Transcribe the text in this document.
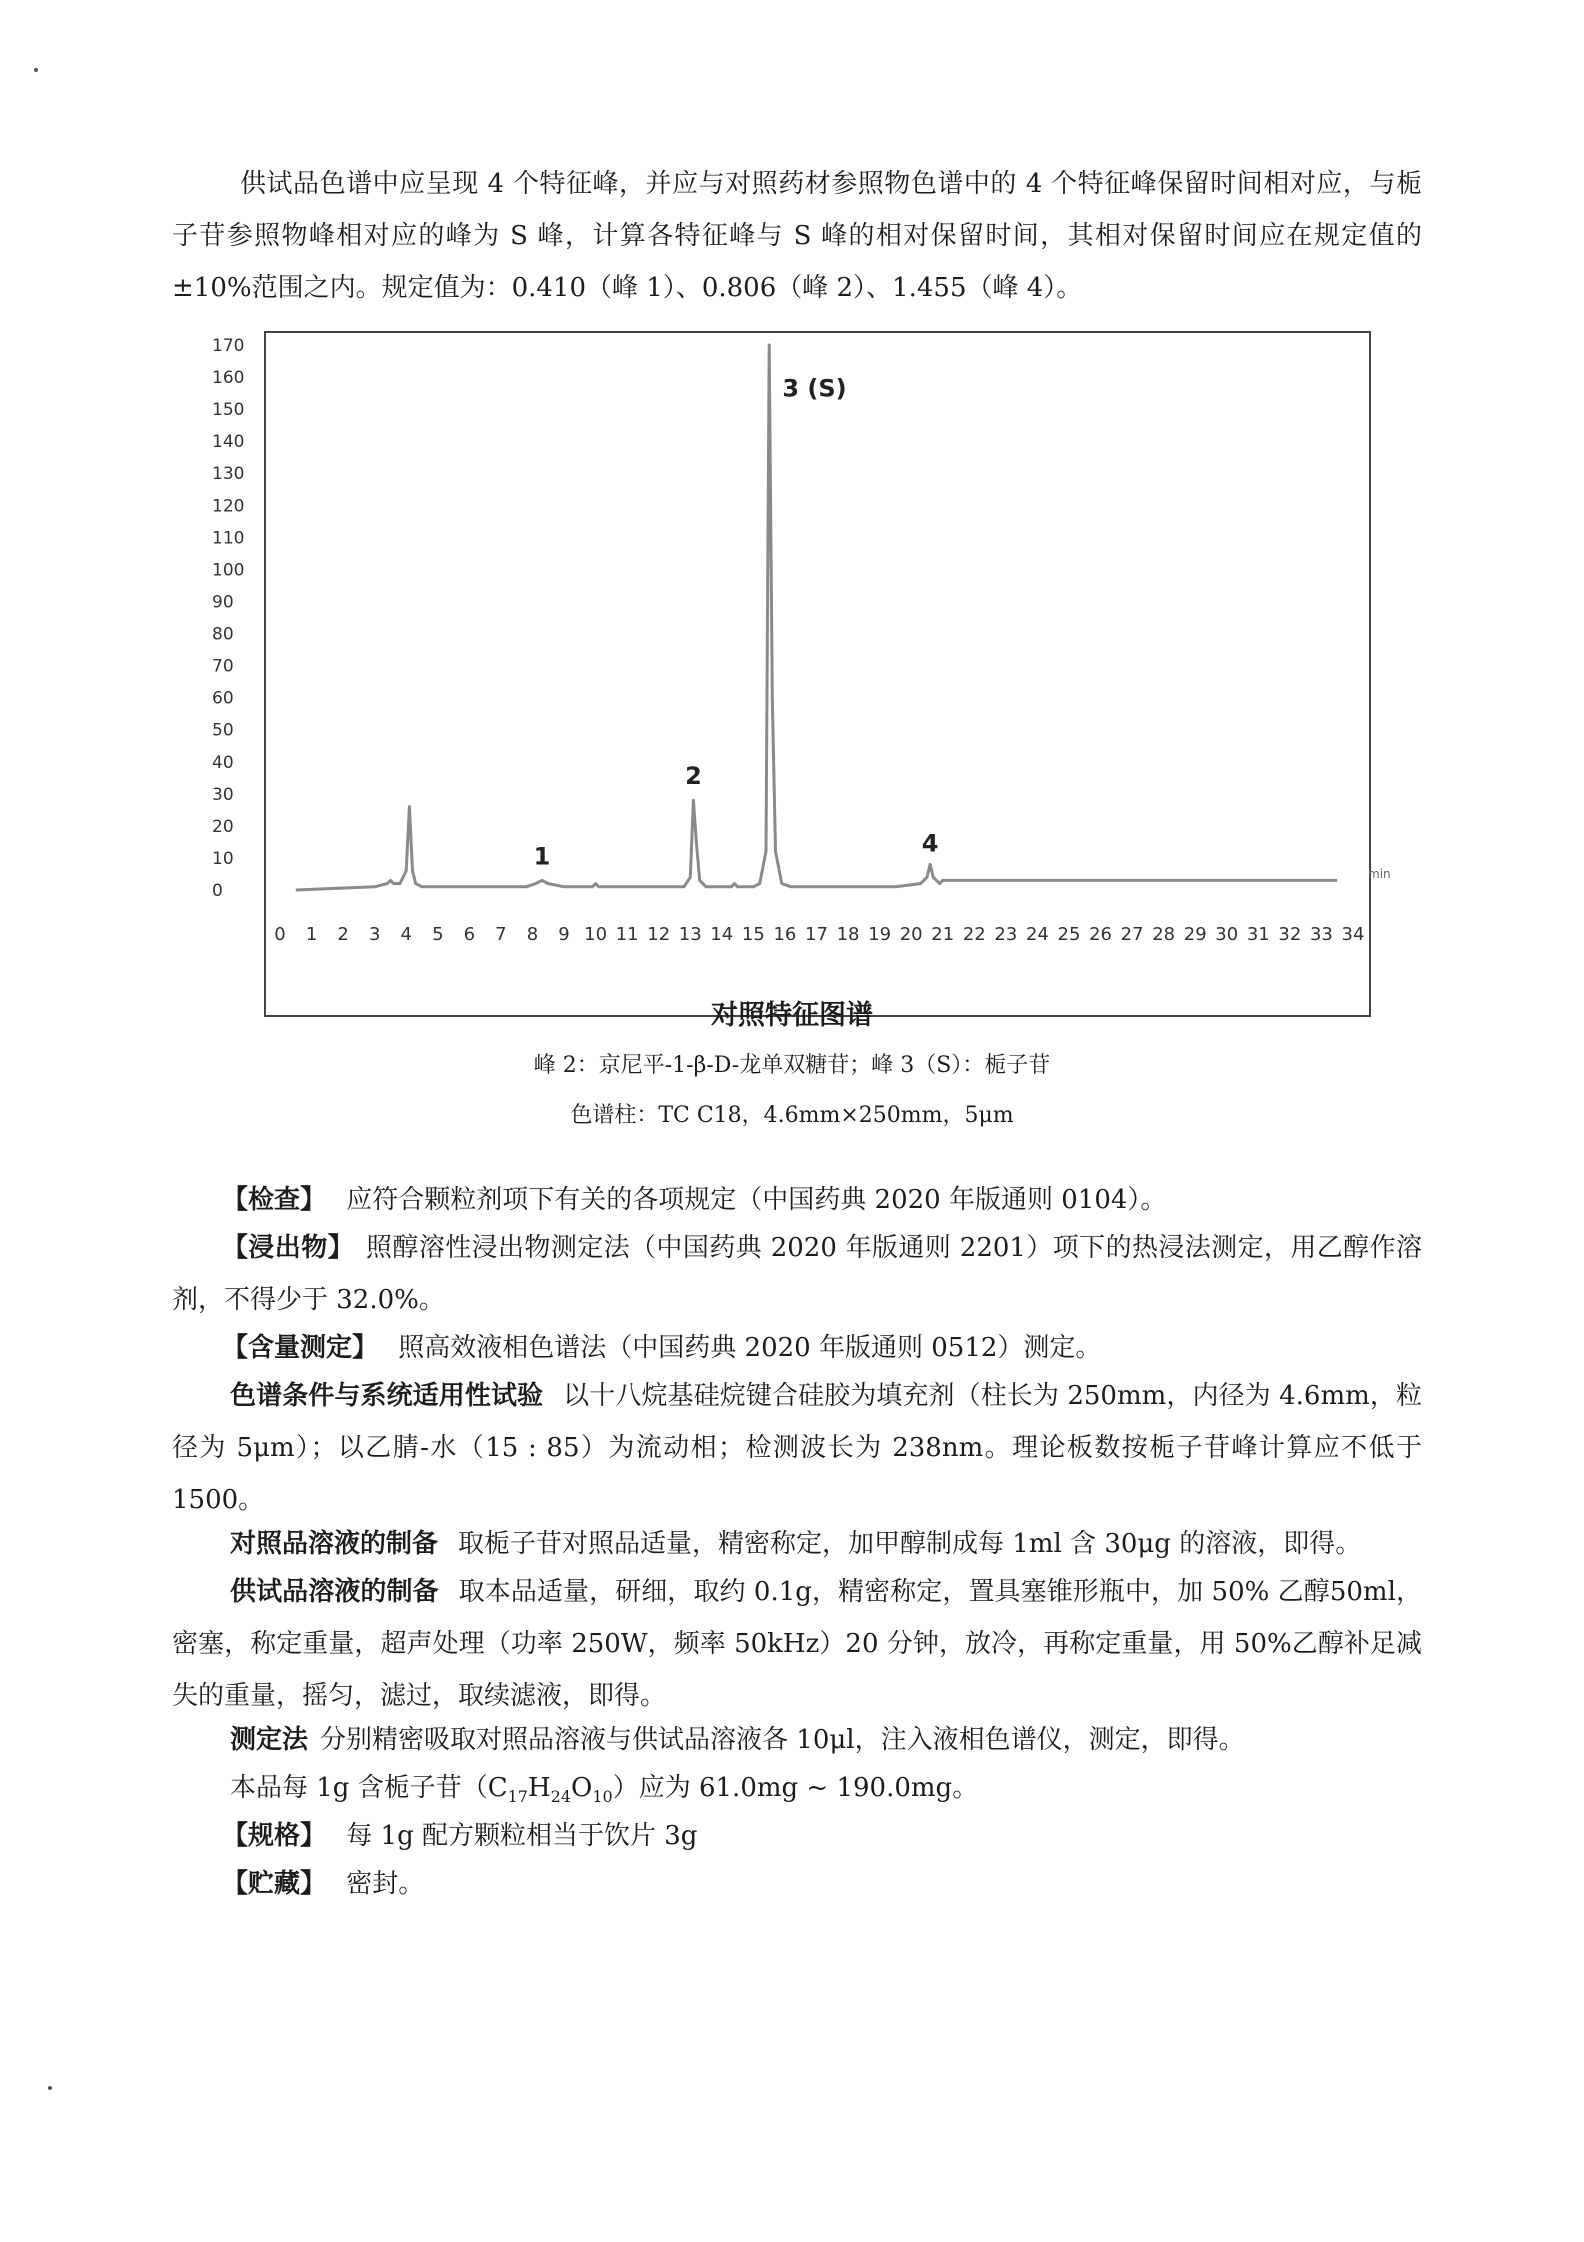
供试品色谱中应呈现 4 个特征峰，并应与对照药材参照物色谱中的 4 个特征峰保留时间相对应，与栀子苷参照物峰相对应的峰为 S 峰，计算各特征峰与 S 峰的相对保留时间，其相对保留时间应在规定值的±10%范围之内。规定值为：0.410（峰 1）、0.806（峰 2）、1.455（峰 4）。
0
10
20
30
40
50
60
70
80
90
100
110
120
130
140
150
160
170
0 1 2 3 4 5 6 7 8 9 10 11 12 13 14 15 16 17 18 19 20 21 22 23 24 25 26 27 28 29 30 31 32 33 34
1
2
3 (S)
4
min
对照特征图谱
峰 2：京尼平-1-β-D-龙单双糖苷；峰 3（S）：栀子苷
色谱柱：TC C18，4.6mm×250mm，5μm
【检查】 应符合颗粒剂项下有关的各项规定（中国药典 2020 年版通则 0104）。
【浸出物】 照醇溶性浸出物测定法（中国药典 2020 年版通则 2201）项下的热浸法测定，用乙醇作溶剂，不得少于 32.0%。
【含量测定】 照高效液相色谱法（中国药典 2020 年版通则 0512）测定。
色谱条件与系统适用性试验 以十八烷基硅烷键合硅胶为填充剂（柱长为 250mm，内径为 4.6mm，粒径为 5μm）；以乙腈-水（15 : 85）为流动相；检测波长为 238nm。理论板数按栀子苷峰计算应不低于 1500。
对照品溶液的制备 取栀子苷对照品适量，精密称定，加甲醇制成每 1ml 含 30μg 的溶液，即得。
供试品溶液的制备 取本品适量，研细，取约 0.1g，精密称定，置具塞锥形瓶中，加 50% 乙醇50ml，密塞，称定重量，超声处理（功率 250W，频率 50kHz）20 分钟，放冷，再称定重量，用 50%乙醇补足减失的重量，摇匀，滤过，取续滤液，即得。
测定法 分别精密吸取对照品溶液与供试品溶液各 10μl，注入液相色谱仪，测定，即得。
本品每 1g 含栀子苷$(C_{17}H_{24}O_{10})$应为 61.0mg ~ 190.0mg。
【规格】 每 1g 配方颗粒相当于饮片 3g
【贮藏】 密封。
